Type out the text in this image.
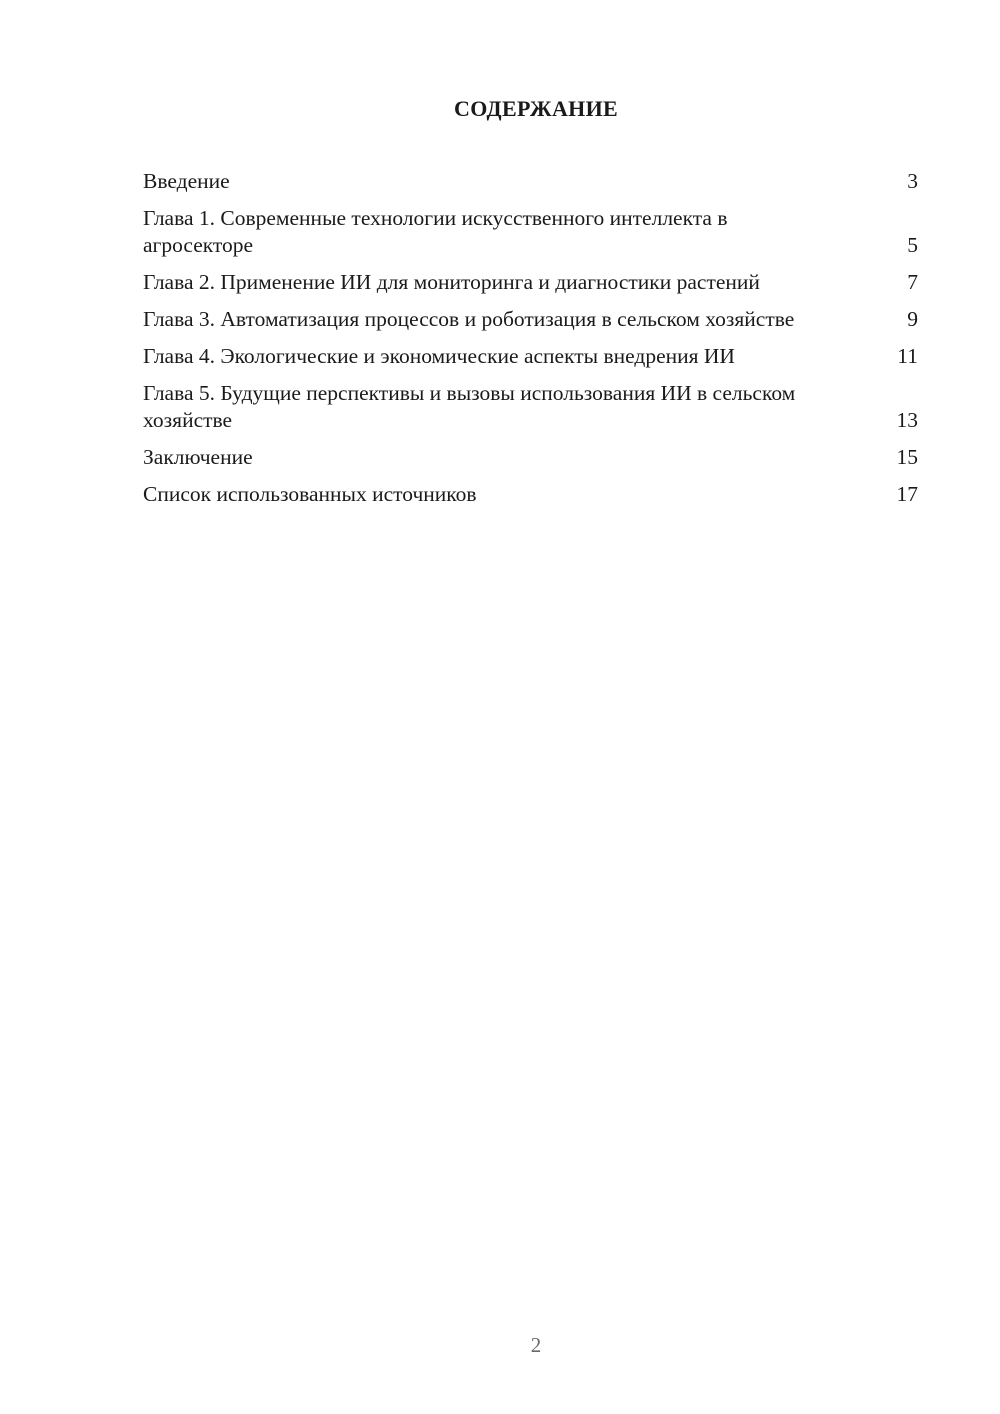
СОДЕРЖАНИЕ
Введение	3
Глава 1. Современные технологии искусственного интеллекта в агросекторе	5
Глава 2. Применение ИИ для мониторинга и диагностики растений	7
Глава 3. Автоматизация процессов и роботизация в сельском хозяйстве	9
Глава 4. Экологические и экономические аспекты внедрения ИИ	11
Глава 5. Будущие перспективы и вызовы использования ИИ в сельском хозяйстве	13
Заключение	15
Список использованных источников	17
2
